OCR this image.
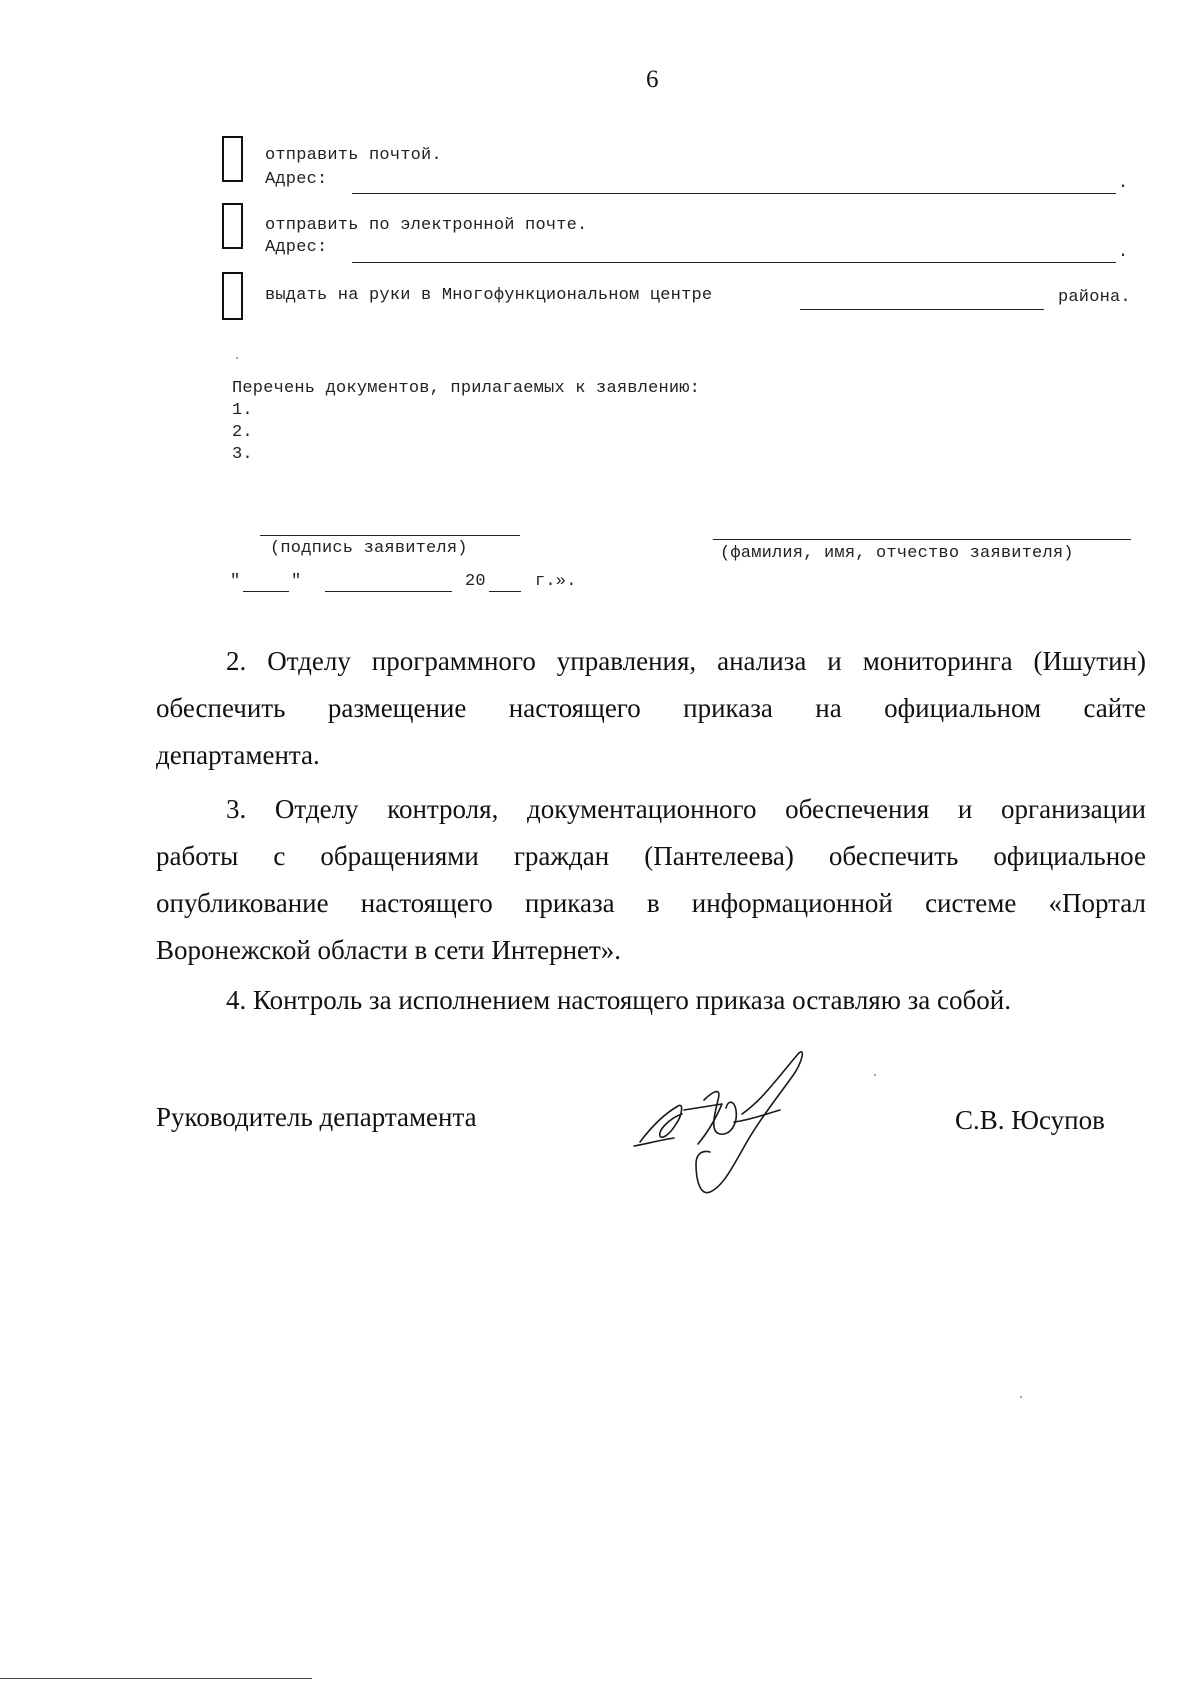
6
отправить почтой.
Адрес:	.
отправить по электронной почте.
Адрес:	.
выдать на руки в Многофункциональном центре	района.
Перечень документов, прилагаемых к заявлению:
1.
2.
3.
(подпись заявителя)	(фамилия, имя, отчество заявителя)
"	"	20	г.».
2. Отделу программного управления, анализа и мониторинга (Ишутин)
обеспечить размещение настоящего приказа на официальном сайте
департамента.
3. Отделу контроля, документационного обеспечения и организации
работы с обращениями граждан (Пантелеева) обеспечить официальное
опубликование настоящего приказа в информационной системе «Портал
Воронежской области в сети Интернет».
4. Контроль за исполнением настоящего приказа оставляю за собой.
Руководитель департамента	С.В. Юсупов
